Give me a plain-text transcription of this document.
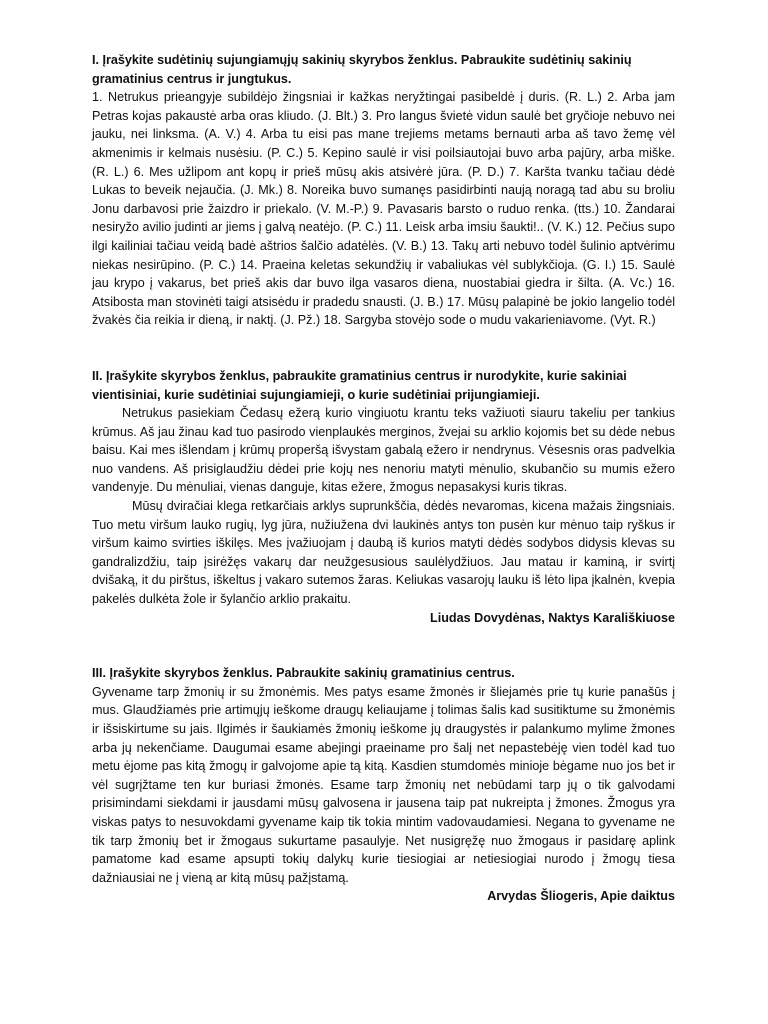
I. Įrašykite sudėtinių sujungiamųjų sakinių skyrybos ženklus. Pabraukite sudėtinių sakinių gramatinius centrus ir jungtukus.

1. Netrukus prieangyje subildėjo žingsniai ir kažkas neryžtingai pasibeldė į duris. (R. L.) 2. Arba jam Petras kojas pakaustė arba oras kliudo. (J. Blt.) 3. Pro langus švietė vidun saulė bet gryčioje nebuvo nei jauku, nei linksma. (A. V.) 4. Arba tu eisi pas mane trejiems metams bernauti arba aš tavo žemę vėl akmenimis ir kelmais nusėsiu. (P. C.) 5. Kepino saulė ir visi poilsiautojai buvo arba pajūry, arba miške. (R. L.) 6. Mes užlipom ant kopų ir prieš mūsų akis atsivėrė jūra. (P. D.) 7. Karšta tvanku tačiau dėdė Lukas to beveik nejaučia. (J. Mk.) 8. Noreika buvo sumanęs pasidirbinti naują noragą tad abu su broliu Jonu darbavosi prie žaizdro ir priekalo. (V. M.-P.) 9. Pavasaris barsto o ruduo renka. (tts.) 10. Žandarai nesiryžo avilio judinti ar jiems į galvą neatėjo. (P. C.) 11. Leisk arba imsiu šaukti!.. (V. K.) 12. Pečius supo ilgi kailiniai tačiau veidą badė aštrios šalčio adatėlės. (V. B.) 13. Takų arti nebuvo todėl šulinio aptvėrimu niekas nesirūpino. (P. C.) 14. Praeina keletas sekundžių ir vabaliukas vėl sublykčioja. (G. I.) 15. Saulė jau krypo į vakarus, bet prieš akis dar buvo ilga vasaros diena, nuostabiai giedra ir šilta. (A. Vc.) 16. Atsibosta man stovinėti taigi atsisėdu ir pradedu snausti. (J. B.) 17. Mūsų palapinė be jokio langelio todėl žvakės čia reikia ir dieną, ir naktį. (J. Pž.) 18. Sargyba stovėjo sode o mudu vakarieniavome. (Vyt. R.)

II. Įrašykite skyrybos ženklus, pabraukite gramatinius centrus ir nurodykite, kurie sakiniai vientisiniai, kurie sudėtiniai sujungiamieji, o kurie sudėtiniai prijungiamieji.

Netrukus pasiekiam Čedasų ežerą kurio vingiuotu krantu teks važiuoti siauru takeliu per tankius krūmus. Aš jau žinau kad tuo pasirodo vienplaukės merginos, žvejai su arklio kojomis bet su dėde nebus baisu. Kai mes išlendam į krūmų properšą išvystam gabalą ežero ir nendrynus. Vėsesnis oras padvelkia nuo vandens. Aš prisiglaudžiu dėdei prie kojų nes nenoriu matyti mėnulio, skubančio su mumis ežero vandenyje. Du mėnuliai, vienas danguje, kitas ežere, žmogus nepasakysi kuris tikras.

Mūsų dviračiai klega retkarčiais arklys suprunkščia, dėdės nevaromas, kicena mažais žingsniais. Tuo metu viršum lauko rugių, lyg jūra, nužiužena dvi laukinės antys ton pusėn kur mėnuo taip ryškus ir viršum kaimo svirties iškilęs. Mes įvažiuojam į daubą iš kurios matyti dėdės sodybos didysis klevas su gandralizdžiu, taip įsirėžęs vakarų dar neužgesusious saulėlydžiuos. Jau matau ir kaminą, ir svirtį dvišaką, it du pirštus, iškeltus į vakaro sutemos žaras. Keliukas vasarojų lauku iš lėto lipa įkalnėn, kvepia pakelės dulkėta žole ir šylančio arklio prakaitu.

Liudas Dovydėnas, Naktys Karališkiuose

III. Įrašykite skyrybos ženklus. Pabraukite sakinių gramatinius centrus.

Gyvename tarp žmonių ir su žmonėmis. Mes patys esame žmonės ir šliejamės prie tų kurie panašūs į mus. Glaudžiamės prie artimųjų ieškome draugų keliaujame į tolimas šalis kad susitiktume su žmonėmis ir išsiskirtume su jais. Ilgimės ir šaukiamės žmonių ieškome jų draugystės ir palankumo mylime žmones arba jų nekenčiame. Daugumai esame abejingi praeiname pro šalį net nepastebėję vien todėl kad tuo metu ėjome pas kitą žmogų ir galvojome apie tą kitą. Kasdien stumdomės minioje bėgame nuo jos bet ir vėl sugrįžtame ten kur buriasi žmonės. Esame tarp žmonių net nebūdami tarp jų o tik galvodami prisimindami siekdami ir jausdami mūsų galvosena ir jausena taip pat nukreipta į žmones. Žmogus yra viskas patys to nesuvokdami gyvename kaip tik tokia mintim vadovaudamiesi. Negana to gyvename ne tik tarp žmonių bet ir žmogaus sukurtame pasaulyje. Net nusigręžę nuo žmogaus ir pasidarę aplink pamatome kad esame apsupti tokių dalykų kurie tiesiogiai ar netiesiogiai nurodo į žmogų tiesa dažniausiai ne į vieną ar kitą mūsų pažįstamą.

Arvydas Šliogeris, Apie daiktus
